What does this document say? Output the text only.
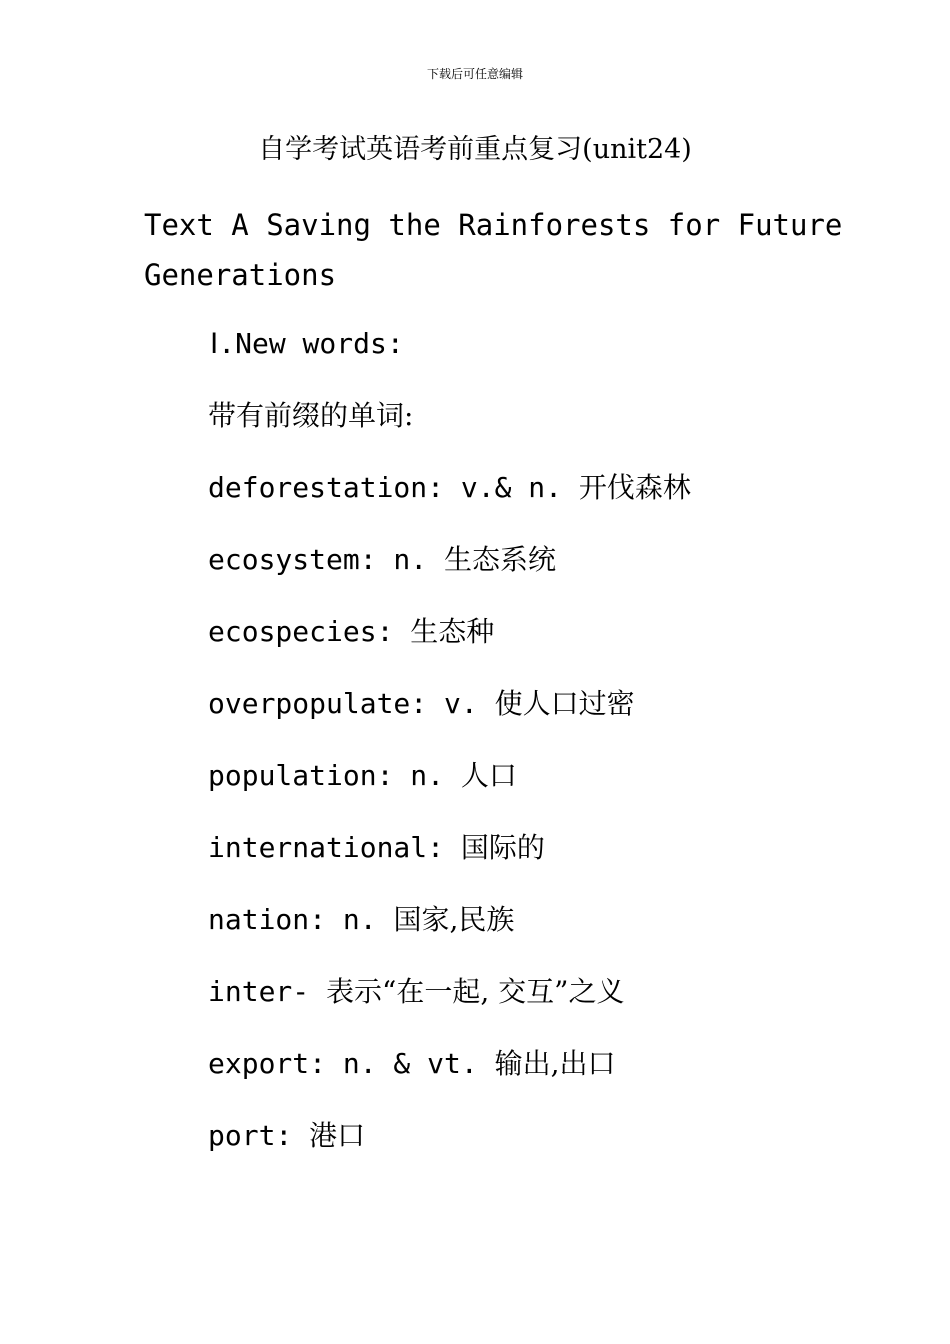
下载后可任意编辑
自学考试英语考前重点复习(unit24)
Text A Saving the Rainforests for Future Generations
Ⅰ.New words:
带有前缀的单词:
deforestation: v.& n. 开伐森林
ecosystem: n. 生态系统
ecospecies: 生态种
overpopulate: v. 使人口过密
population: n. 人口
international: 国际的
nation: n. 国家,民族
inter- 表示“在一起, 交互”之义
export: n. & vt. 输出,出口
port: 港口
